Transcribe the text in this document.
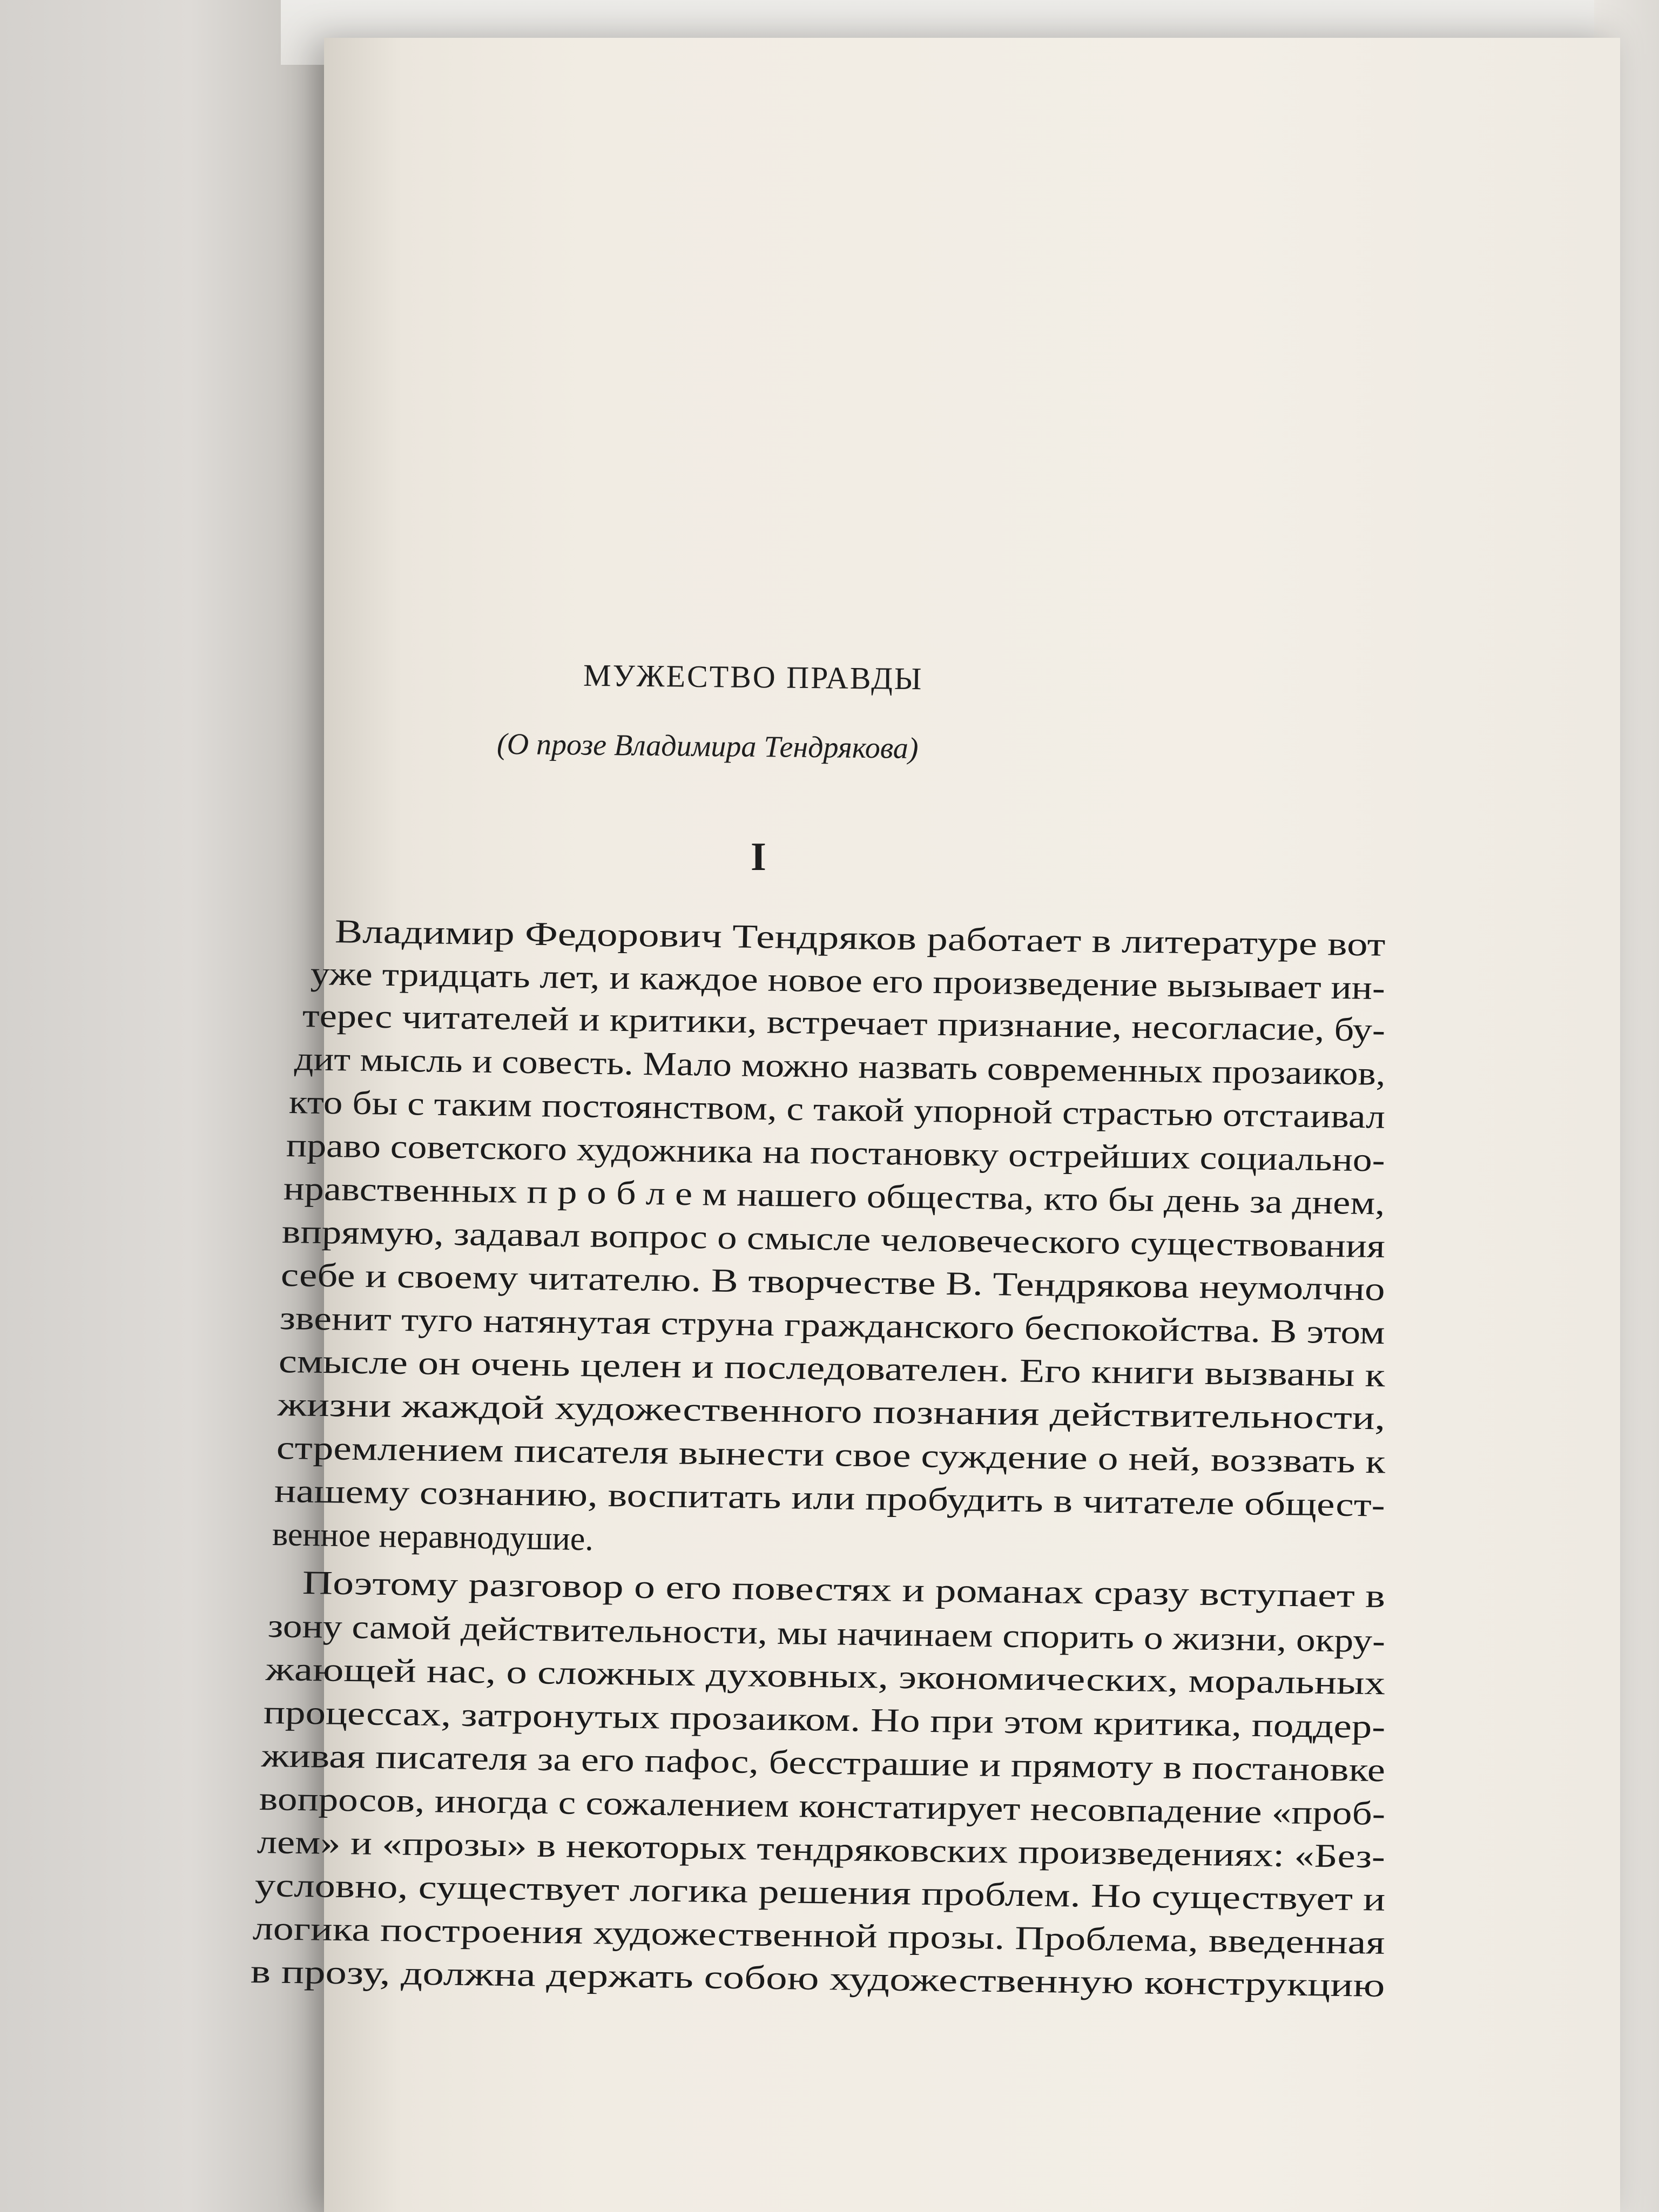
МУЖЕСТВО ПРАВДЫ
(О прозе Владимира Тендрякова)
I
Владимир Федорович Тендряков работает в литературе вот
уже тридцать лет, и каждое новое его произведение вызывает ин-
терес читателей и критики, встречает признание, несогласие, бу-
дит мысль и совесть. Мало можно назвать современных прозаиков,
кто бы с таким постоянством, с такой упорной страстью отстаивал
право советского художника на постановку острейших социально-
нравственных п р о б л е м нашего общества, кто бы день за днем,
впрямую, задавал вопрос о смысле человеческого существования
себе и своему читателю. В творчестве В. Тендрякова неумолчно
звенит туго натянутая струна гражданского беспокойства. В этом
смысле он очень целен и последователен. Его книги вызваны к
жизни жаждой художественного познания действительности,
стремлением писателя вынести свое суждение о ней, воззвать к
нашему сознанию, воспитать или пробудить в читателе общест-
венное неравнодушие.
Поэтому разговор о его повестях и романах сразу вступает в
зону самой действительности, мы начинаем спорить о жизни, окру-
жающей нас, о сложных духовных, экономических, моральных
процессах, затронутых прозаиком. Но при этом критика, поддер-
живая писателя за его пафос, бесстрашие и прямоту в постановке
вопросов, иногда с сожалением констатирует несовпадение «проб-
лем» и «прозы» в некоторых тендряковских произведениях: «Без-
условно, существует логика решения проблем. Но существует и
логика построения художественной прозы. Проблема, введенная
в прозу, должна держать собою художественную конструкцию
